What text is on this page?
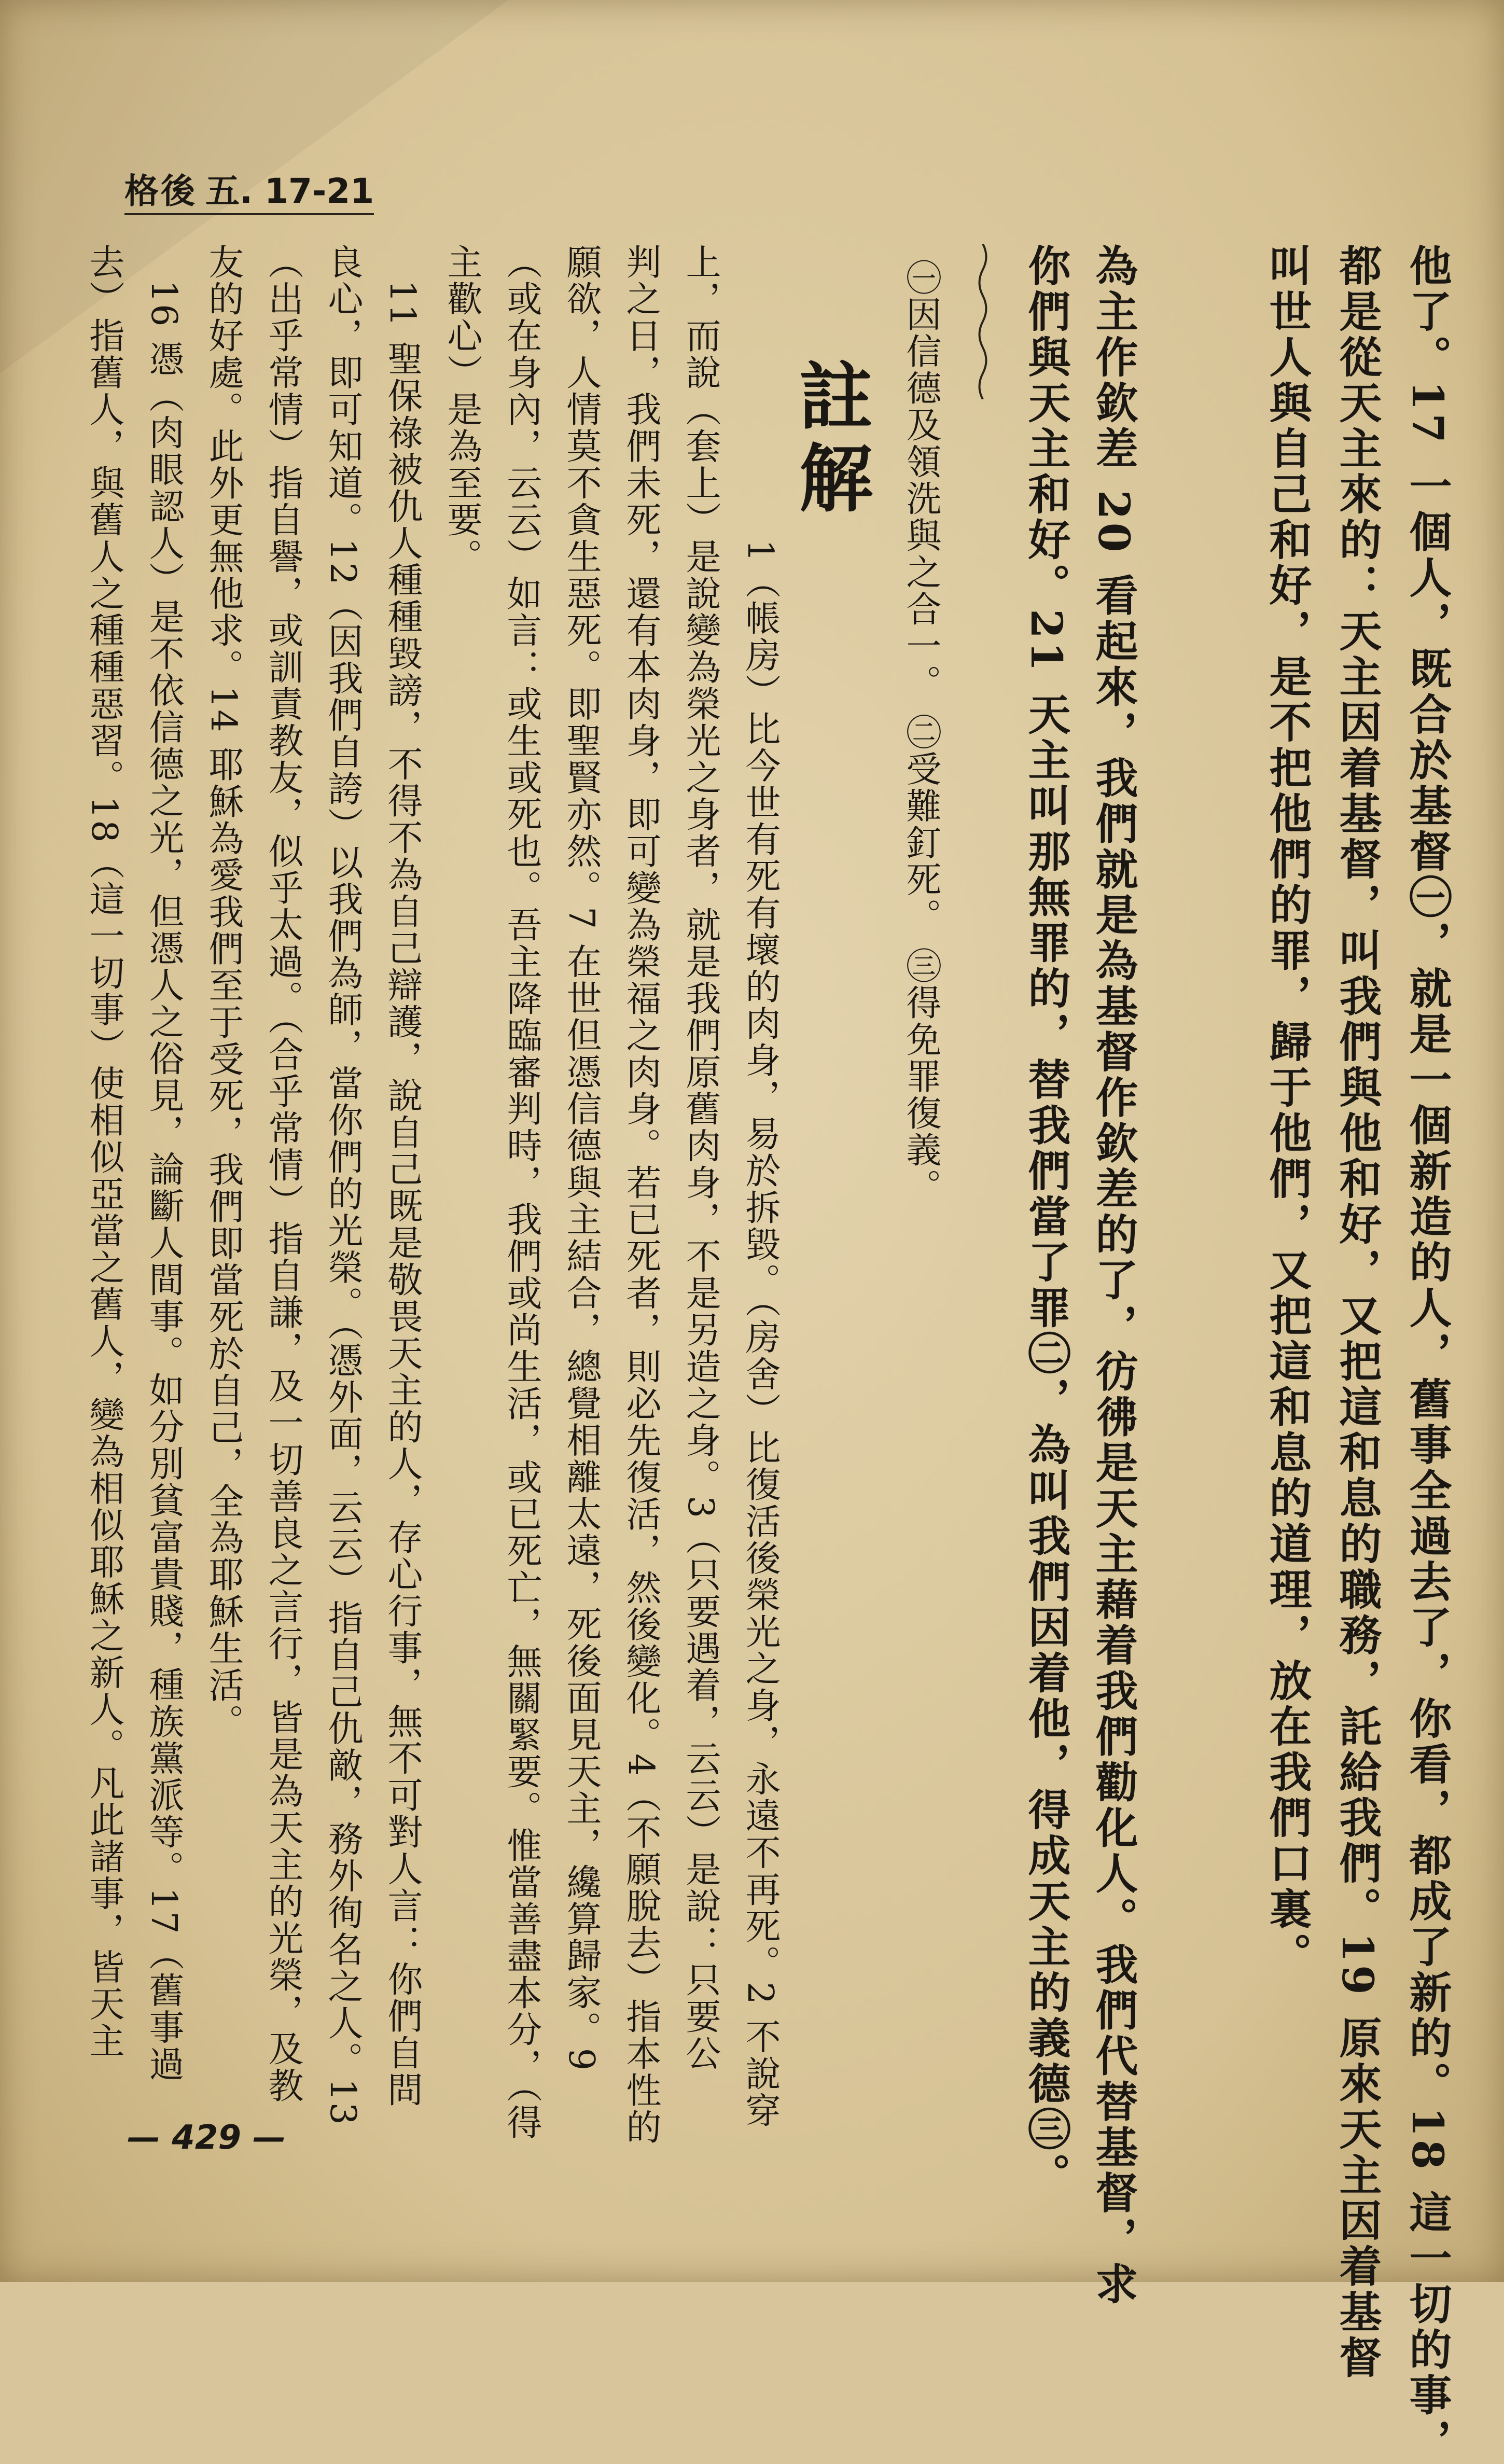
格後 五. 17-21
他了。17 一個人，既合於基督㊀，就是一個新造的人，舊事全過去了，你看，都成了新的。18 這一切的事，
都是從天主來的：天主因着基督，叫我們與他和好，又把這和息的職務，託給我們。19 原來天主因着基督
叫世人與自己和好，是不把他們的罪，歸于他們，又把這和息的道理，放在我們口裏。
為主作欽差 20 看起來，我們就是為基督作欽差的了，彷彿是天主藉着我們勸化人。我們代替基督，求
你們與天主和好。21 天主叫那無罪的，替我們當了罪㊁，為叫我們因着他，得成天主的義德㊂。
㊀因信德及領洗與之合一。 ㊁受難釘死。 ㊂得免罪復義。
註解
1（帳房）比今世有死有壞的肉身，易於拆毀。（房舍）比復活後榮光之身，永遠不再死。2 不說穿
上，而說（套上）是說變為榮光之身者，就是我們原舊肉身，不是另造之身。3（只要遇着，云云）是說：只要公
判之日，我們未死，還有本肉身，即可變為榮福之肉身。若已死者，則必先復活，然後變化。4（不願脫去）指本性的
願欲，人情莫不貪生惡死。即聖賢亦然。7 在世但憑信德與主結合，總覺相離太遠，死後面見天主，纔算歸家。9
（或在身內，云云）如言：或生或死也。吾主降臨審判時，我們或尚生活，或已死亡，無關緊要。惟當善盡本分，（得
主歡心）是為至要。
11 聖保祿被仇人種種毀謗，不得不為自己辯護，說自己既是敬畏天主的人，存心行事，無不可對人言：你們自問
良心，即可知道。12（因我們自誇）以我們為師，當你們的光榮。（憑外面，云云）指自己仇敵，務外徇名之人。13
（出乎常情）指自譽，或訓責教友，似乎太過。（合乎常情）指自謙，及一切善良之言行，皆是為天主的光榮，及教
友的好處。此外更無他求。14 耶穌為愛我們至于受死，我們即當死於自己，全為耶穌生活。
16 憑（肉眼認人）是不依信德之光，但憑人之俗見，論斷人間事。如分別貧富貴賤，種族黨派等。17（舊事過
去）指舊人，與舊人之種種惡習。18（這一切事）使相似亞當之舊人，變為相似耶穌之新人。凡此諸事，皆天主
— 429 —
